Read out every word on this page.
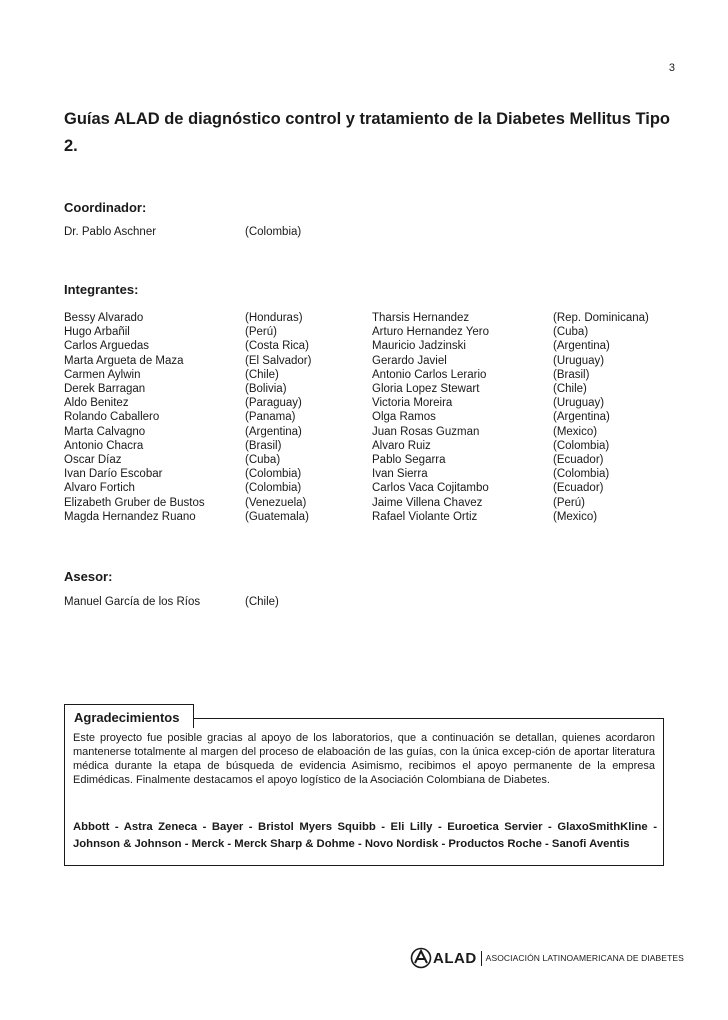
3
Guías ALAD de diagnóstico control y tratamiento de la Diabetes Mellitus Tipo 2.
Coordinador:
Dr. Pablo Aschner	(Colombia)
Integrantes:
Bessy Alvarado	(Honduras)	Tharsis Hernandez	(Rep. Dominicana)
Hugo Arbañil	(Perú)	Arturo Hernandez Yero	(Cuba)
Carlos Arguedas	(Costa Rica)	Mauricio Jadzinski	(Argentina)
Marta Argueta de Maza	(El Salvador)	Gerardo Javiel	(Uruguay)
Carmen Aylwin	(Chile)	Antonio Carlos Lerario	(Brasil)
Derek Barragan	(Bolivia)	Gloria Lopez Stewart	(Chile)
Aldo Benitez	(Paraguay)	Victoria Moreira	(Uruguay)
Rolando Caballero	(Panama)	Olga Ramos	(Argentina)
Marta Calvagno	(Argentina)	Juan Rosas Guzman	(Mexico)
Antonio Chacra	(Brasil)	Alvaro Ruiz	(Colombia)
Oscar Díaz	(Cuba)	Pablo Segarra	(Ecuador)
Ivan Darío Escobar	(Colombia)	Ivan Sierra	(Colombia)
Alvaro Fortich	(Colombia)	Carlos Vaca Cojitambo	(Ecuador)
Elizabeth Gruber de Bustos	(Venezuela)	Jaime Villena Chavez	(Perú)
Magda Hernandez Ruano	(Guatemala)	Rafael Violante Ortiz	(Mexico)
Asesor:
Manuel García de los Ríos	(Chile)
Agradecimientos

Este proyecto fue posible gracias al apoyo de los laboratorios, que a continuación se detallan, quienes acordaron mantenerse totalmente al margen del proceso de elaboación de las guías, con la única excep-ción de aportar literatura médica durante la etapa de búsqueda de evidencia Asimismo, recibimos el apoyo permanente de la empresa Edimédicas. Finalmente destacamos el apoyo logístico de la Asociación Colombiana de Diabetes.

Abbott - Astra Zeneca - Bayer - Bristol Myers Squibb - Eli Lilly - Euroetica Servier - GlaxoSmithKline - Johnson & Johnson - Merck - Merck Sharp & Dohme - Novo Nordisk - Productos Roche - Sanofi Aventis

ALAD ASOCIACIÓN LATINOAMERICANA DE DIABETES
